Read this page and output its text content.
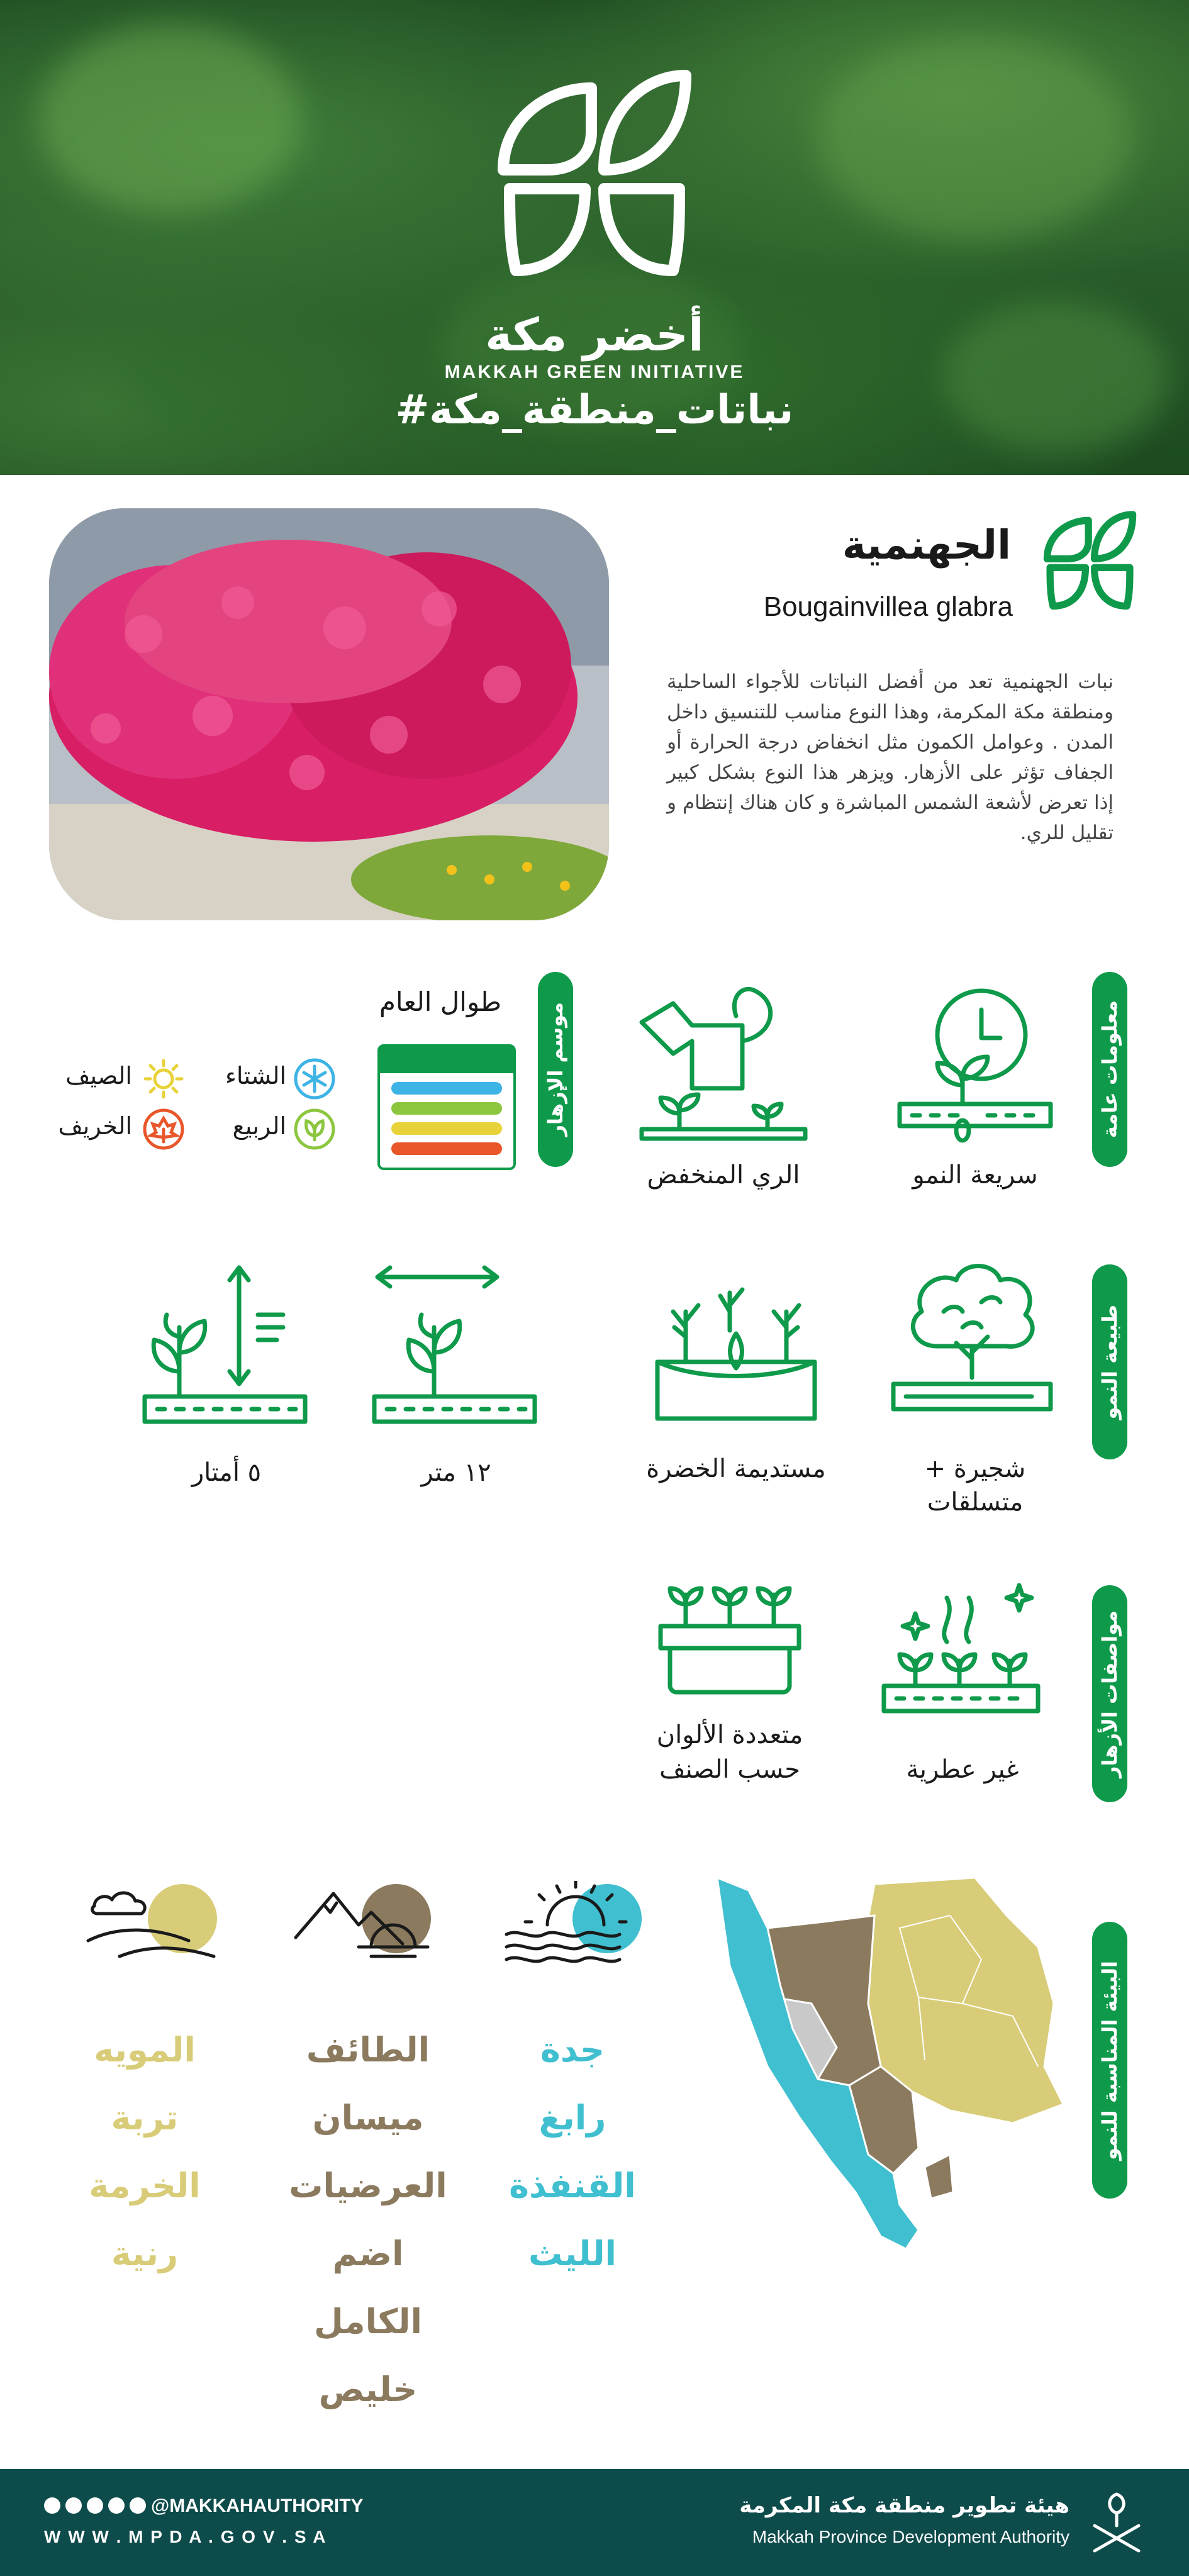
أخضر مكة
MAKKAH GREEN INITIATIVE
#نباتات_منطقة_مكة
الجهنمية
Bougainvillea glabra
نبات الجهنمية تعد من أفضل النباتات للأجواء الساحلية ومنطقة مكة المكرمة، وهذا النوع مناسب للتنسيق داخل المدن . وعوامل الكمون مثل انخفاض درجة الحرارة أو الجفاف تؤثر على الأزهار. ويزهر هذا النوع بشكل كبير إذا تعرض لأشعة الشمس المباشرة و كان هناك إنتظام و تقليل للري.
معلومات عامة
سريعة النمو
الري المنخفض
موسم الإزهار
طوال العام
الشتاء
الصيف
الربيع
الخريف
طبيعة النمو
شجيرة +
متسلقات
مستديمة الخضرة
١٢ متر
٥ أمتار
مواصفات الأزهار
غير عطرية
متعددة الألوان
حسب الصنف
البيئة المناسبة للنمو
جدة
رابغ
القنفذة
الليث
الطائف
ميسان
العرضيات
اضم
الكامل
خليص
المويه
تربة
الخرمة
رنية
@MAKKAHAUTHORITY
W W W . M P D A . G O V . S A
هيئة تطوير منطقة مكة المكرمة
Makkah Province Development Authority
